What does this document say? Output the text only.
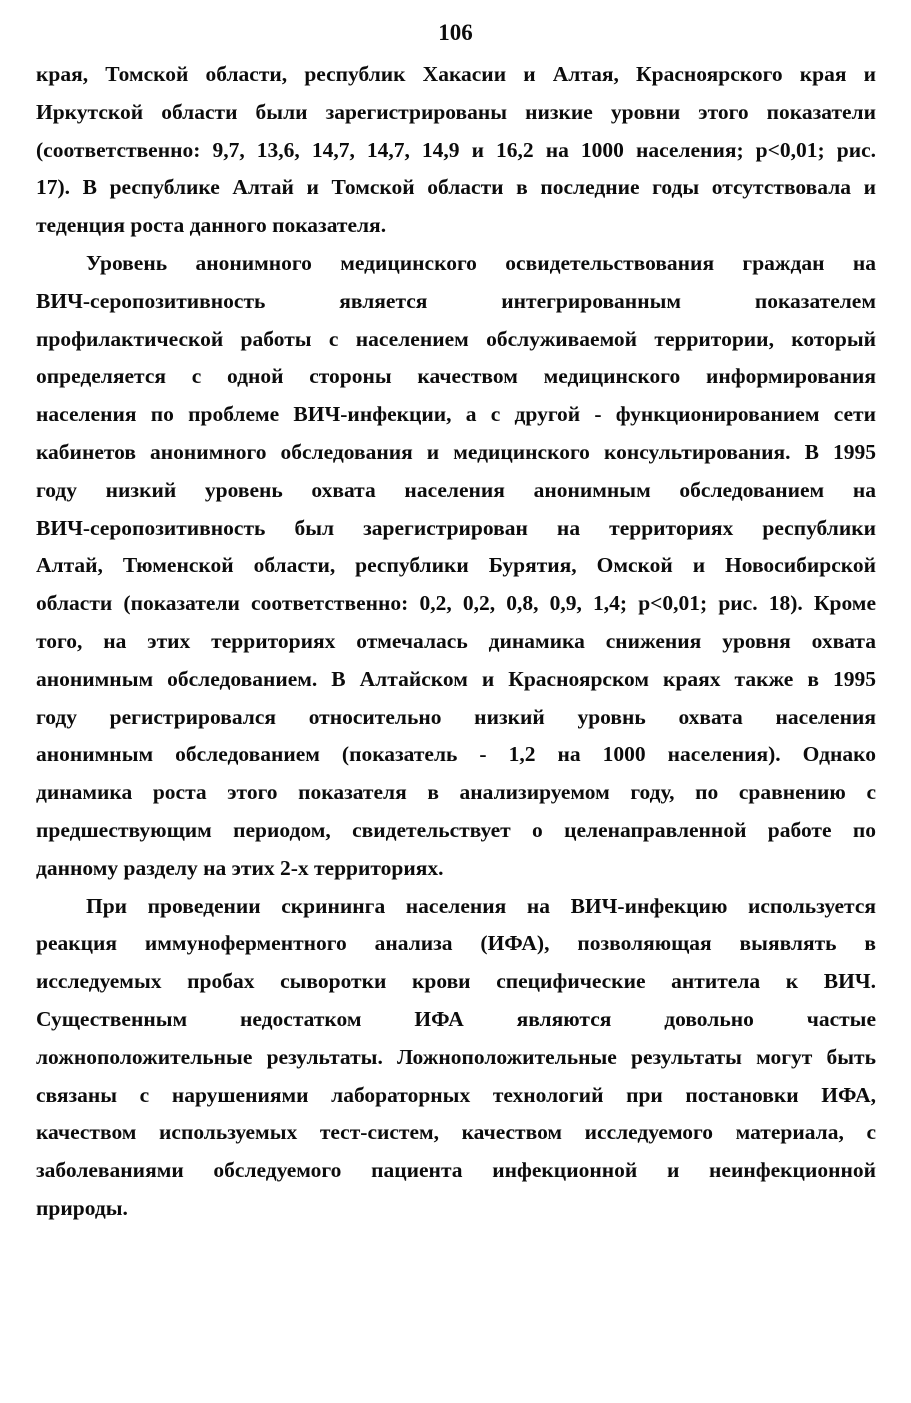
106
края, Томской области, республик Хакасии и Алтая, Красноярского края и
Иркутской области были зарегистрированы низкие уровни этого показатели
(соответственно: 9,7, 13,6, 14,7, 14,7, 14,9 и 16,2 на 1000 населения; р<0,01; рис.
17). В республике Алтай и Томской области в последние годы отсутствовала и
теденция роста данного показателя.
Уровень анонимного медицинского освидетельствования граждан на
ВИЧ-серопозитивность является интегрированным показателем
профилактической работы с населением обслуживаемой территории, который
определяется с одной стороны качеством медицинского информирования
населения по проблеме ВИЧ-инфекции, а с другой - функционированием сети
кабинетов анонимного обследования и медицинского консультирования. В 1995
году низкий уровень охвата населения анонимным обследованием на
ВИЧ-серопозитивность был зарегистрирован на территориях республики
Алтай, Тюменской области, республики Бурятия, Омской и Новосибирской
области (показатели соответственно: 0,2, 0,2, 0,8, 0,9, 1,4; р<0,01; рис. 18). Кроме
того, на этих территориях отмечалась динамика снижения уровня охвата
анонимным обследованием. В Алтайском и Красноярском краях также в 1995
году регистрировался относительно низкий уровнь охвата населения
анонимным обследованием (показатель - 1,2 на 1000 населения). Однако
динамика роста этого показателя в анализируемом году, по сравнению с
предшествующим периодом, свидетельствует о целенаправленной работе по
данному разделу на этих 2-х территориях.
При проведении скрининга населения на ВИЧ-инфекцию используется
реакция иммуноферментного анализа (ИФА), позволяющая выявлять в
исследуемых пробах сыворотки крови специфические антитела к ВИЧ.
Существенным недостатком ИФА являются довольно частые
ложноположительные результаты. Ложноположительные результаты могут быть
связаны с нарушениями лабораторных технологий при постановки ИФА,
качеством используемых тест-систем, качеством исследуемого материала, с
заболеваниями обследуемого пациента инфекционной и неинфекционной
природы.
